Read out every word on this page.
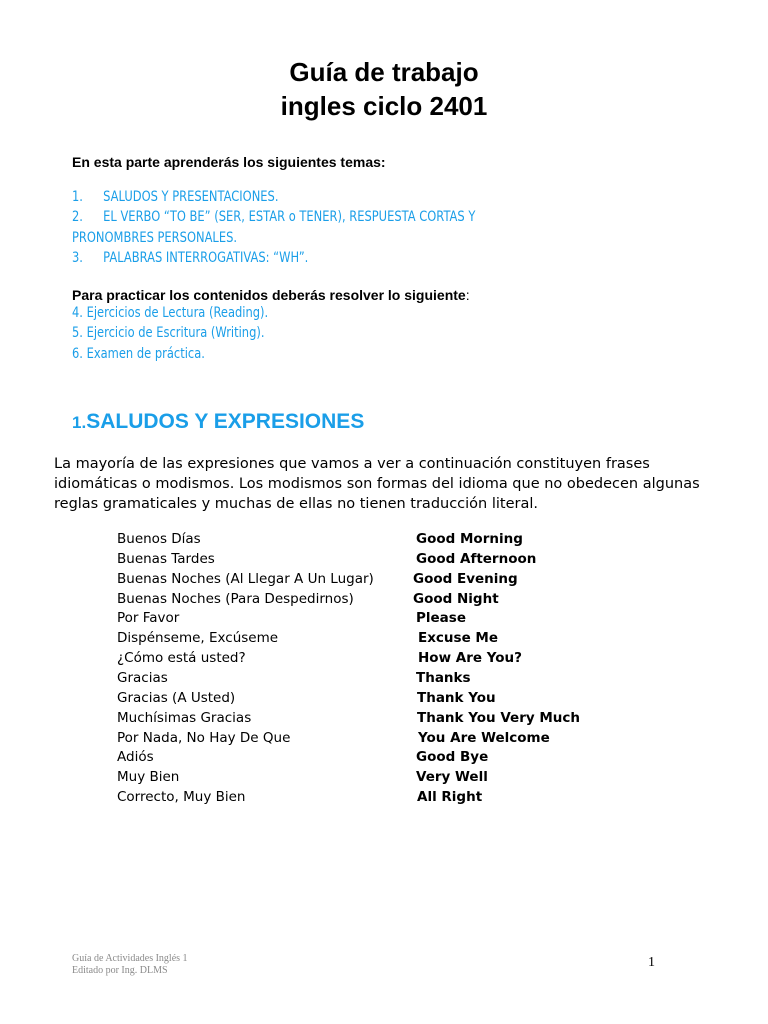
Guía de trabajo
ingles ciclo 2401
En esta parte aprenderás los siguientes temas:
1. SALUDOS Y PRESENTACIONES.
2. EL VERBO “TO BE” (SER, ESTAR o TENER), RESPUESTA CORTAS Y
PRONOMBRES PERSONALES.
3. PALABRAS INTERROGATIVAS: “WH”.
Para practicar los contenidos deberás resolver lo siguiente:
4. Ejercicios de Lectura (Reading).
5. Ejercicio de Escritura (Writing).
6. Examen de práctica.
1.SALUDOS Y EXPRESIONES
La mayoría de las expresiones que vamos a ver a continuación constituyen frases idiomáticas o modismos. Los modismos son formas del idioma que no obedecen algunas reglas gramaticales y muchas de ellas no tienen traducción literal.
Buenos Días	Good Morning
Buenas Tardes	Good Afternoon
Buenas Noches (Al Llegar A Un Lugar)	Good Evening
Buenas Noches (Para Despedirnos)	Good Night
Por Favor	Please
Dispénseme, Excúseme	Excuse Me
¿Cómo está usted?	How Are You?
Gracias	Thanks
Gracias (A Usted)	Thank You
Muchísimas Gracias	Thank You Very Much
Por Nada, No Hay De Que	You Are Welcome
Adiós	Good Bye
Muy Bien	Very Well
Correcto, Muy Bien	All Right
Guía de Actividades Inglés 1
Editado por Ing. DLMS
1
